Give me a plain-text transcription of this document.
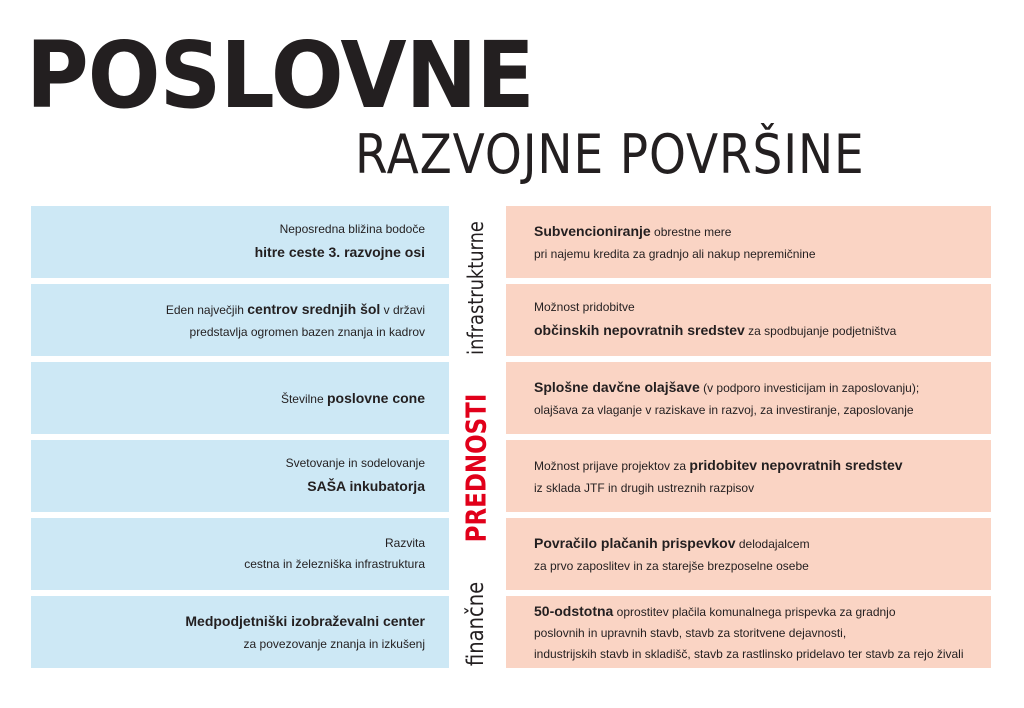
POSLOVNE
RAZVOJNE POVRŠINE
Neposredna bližina bodoče
hitre ceste 3. razvojne osi
Eden največjih centrov srednjih šol v državi
predstavlja ogromen bazen znanja in kadrov
Številne poslovne cone
Svetovanje in sodelovanje
SAŠA inkubatorja
Razvita
cestna in železniška infrastruktura
Medpodjetniški izobraževalni center
za povezovanje znanja in izkušenj
infrastrukturne
PREDNOSTI
finančne
Subvencioniranje obrestne mere
pri najemu kredita za gradnjo ali nakup nepremičnine
Možnost pridobitve
občinskih nepovratnih sredstev za spodbujanje podjetništva
Splošne davčne olajšave (v podporo investicijam in zaposlovanju);
olajšava za vlaganje v raziskave in razvoj, za investiranje, zaposlovanje
Možnost prijave projektov za pridobitev nepovratnih sredstev
iz sklada JTF in drugih ustreznih razpisov
Povračilo plačanih prispevkov delodajalcem
za prvo zaposlitev in za starejše brezposelne osebe
50-odstotna oprostitev plačila komunalnega prispevka za gradnjo
poslovnih in upravnih stavb, stavb za storitvene dejavnosti,
industrijskih stavb in skladišč, stavb za rastlinsko pridelavo ter stavb za rejo živali
